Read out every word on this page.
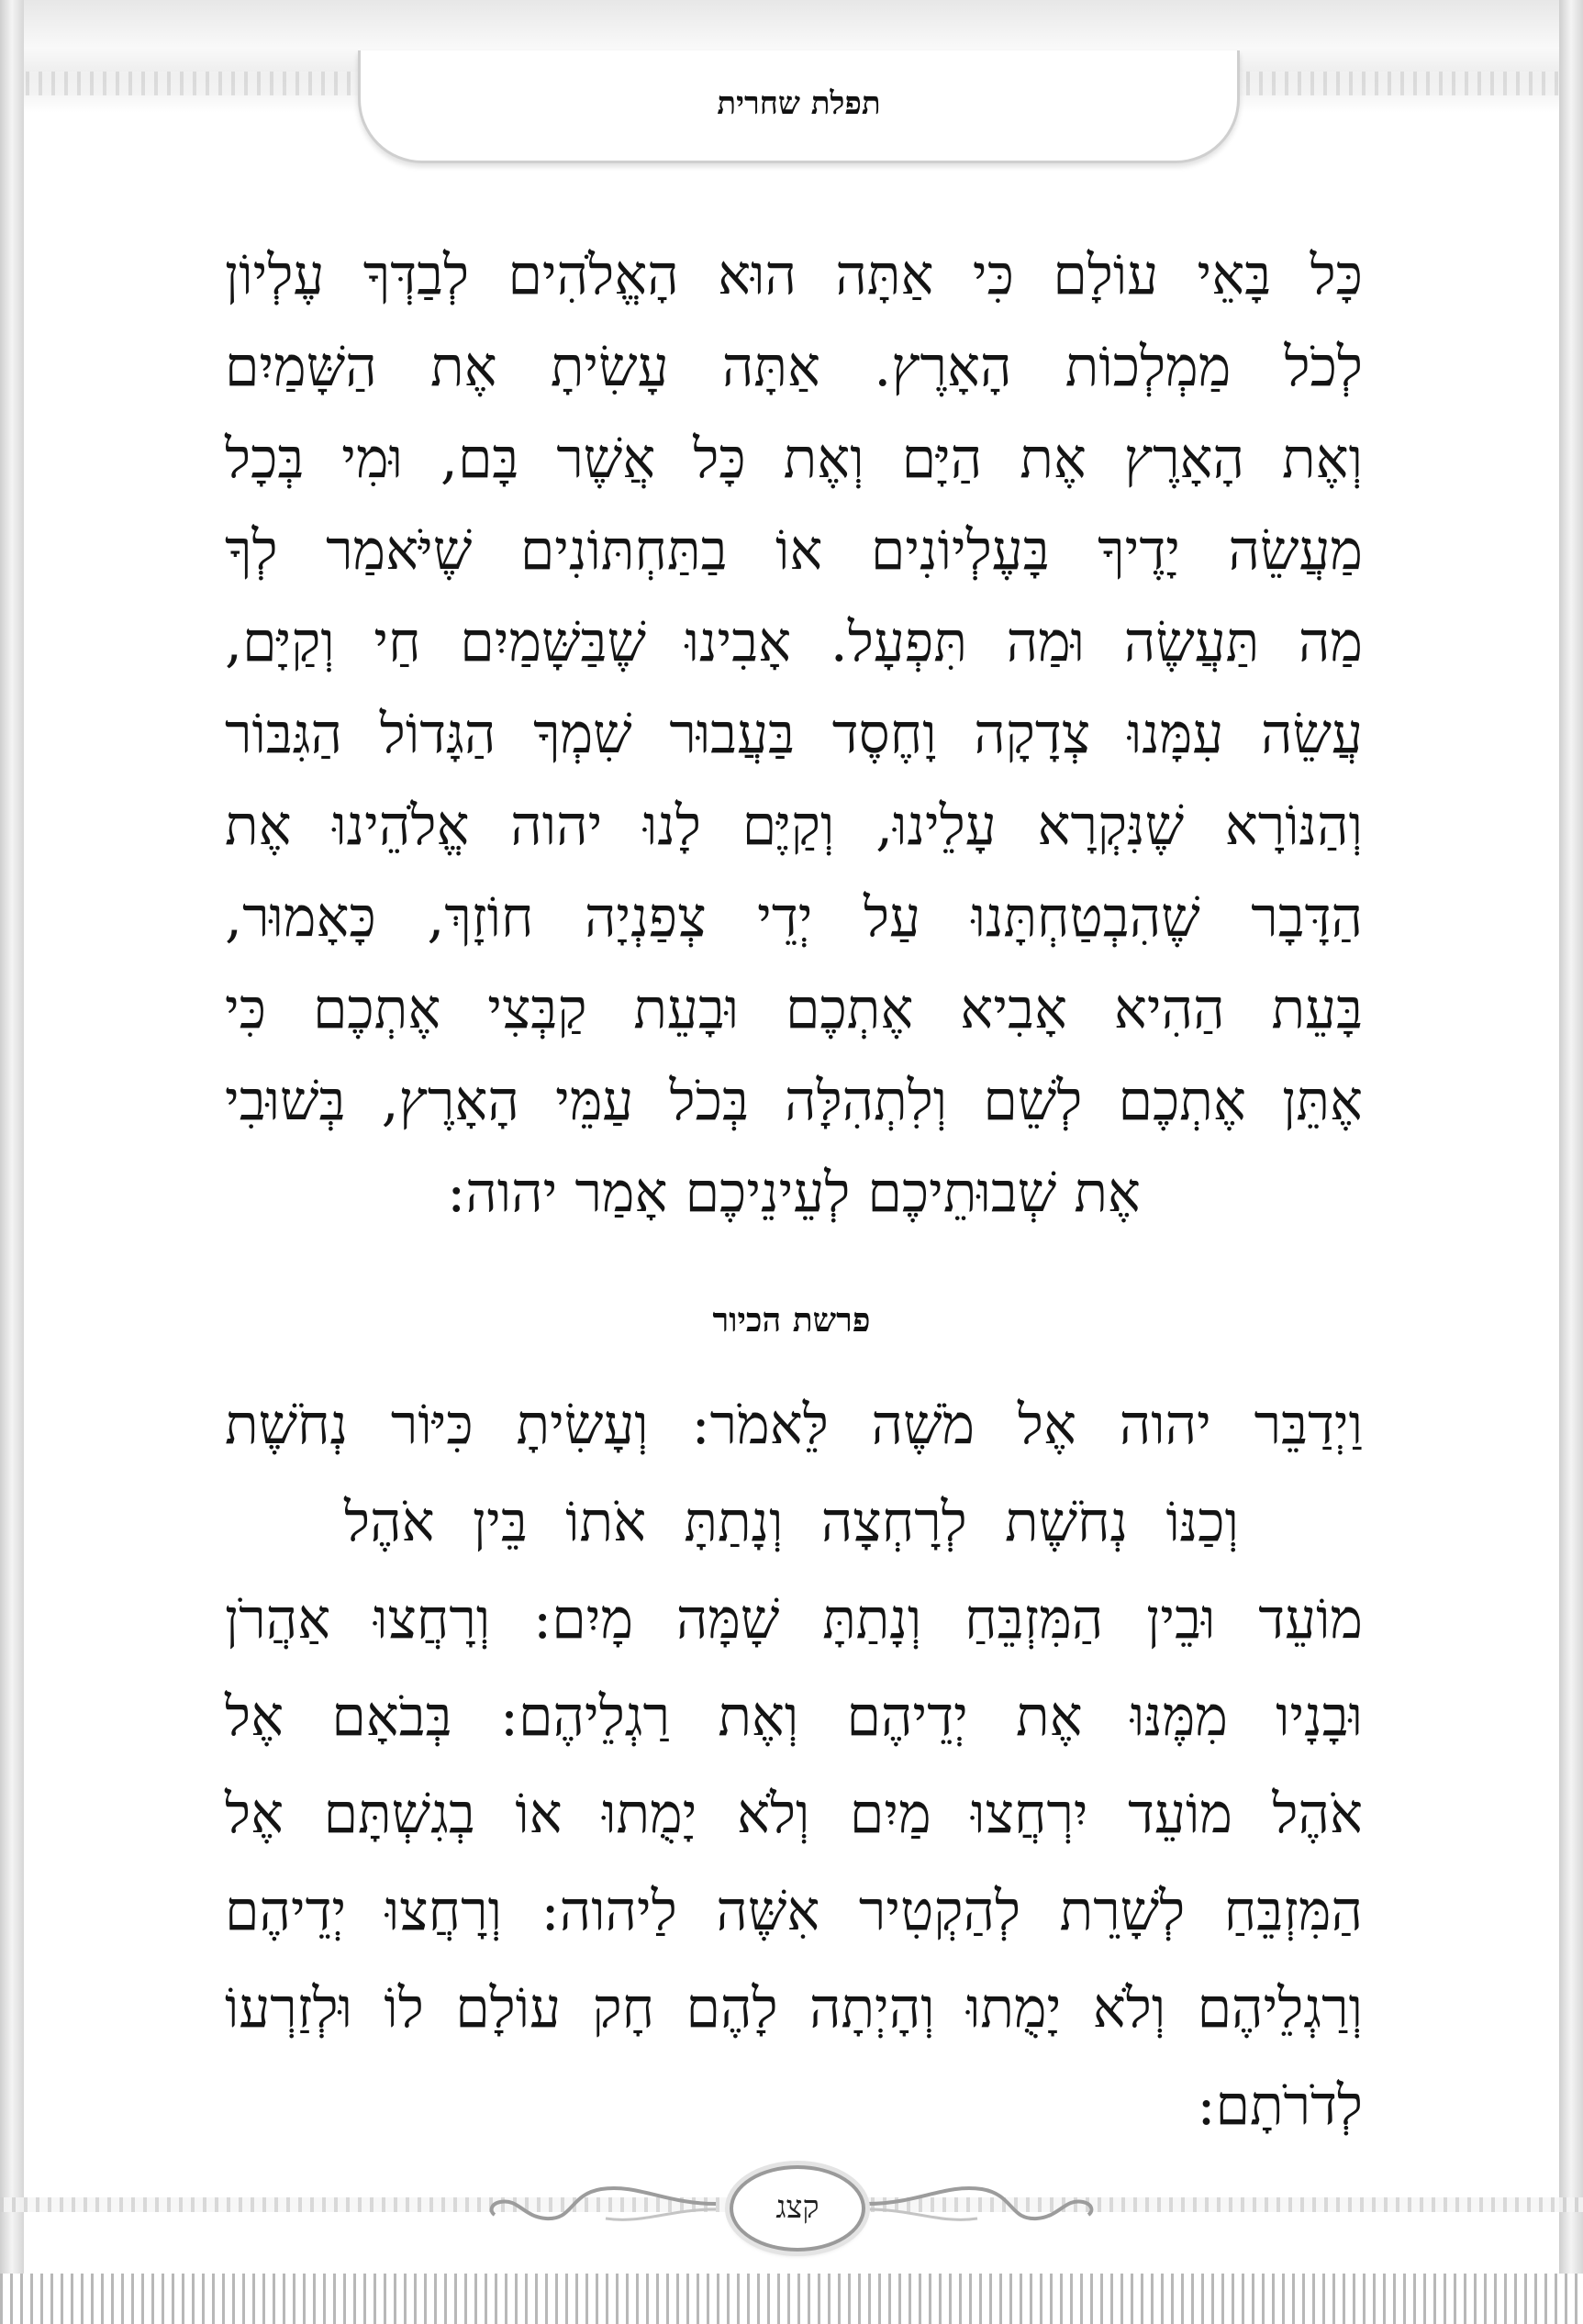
תפלת שחרית
כָּל בָּאֵי עוֹלָם כִּי אַתָּה הוּא הָאֱלֹהִים לְבַדְּךָ עֶלְיוֹן
לְכֹל מַמְלְכוֹת הָאָרֶץ. אַתָּה עָשִׂיתָ אֶת הַשָּׁמַיִם
וְאֶת הָאָרֶץ אֶת הַיָּם וְאֶת כָּל אֲשֶׁר בָּם, וּמִי בְּכָל
מַעֲשֵׂה יָדֶיךָ בָּעֶלְיוֹנִים אוֹ בַתַּחְתּוֹנִים שֶׁיֹּאמַר לְךָ
מַה תַּעֲשֶׂה וּמַה תִּפְעָל. אָבִינוּ שֶׁבַּשָּׁמַיִם חַי וְקַיָּם,
עֲשֵׂה עִמָּנוּ צְדָקָה וָחֶסֶד בַּעֲבוּר שִׁמְךָ הַגָּדוֹל הַגִּבּוֹר
וְהַנּוֹרָא שֶׁנִּקְרָא עָלֵינוּ, וְקַיֶּם לָנוּ יהוה אֱלֹהֵינוּ אֶת
הַדָּבָר שֶׁהִבְטַחְתָּנוּ עַל יְדֵי צְפַנְיָה חוֹזָךְ, כָּאָמוּר,
בָּעֵת הַהִיא אָבִיא אֶתְכֶם וּבָעֵת קַבְּצִי אֶתְכֶם כִּי
אֶתֵּן אֶתְכֶם לְשֵׁם וְלִתְהִלָּה בְּכֹל עַמֵּי הָאָרֶץ, בְּשׁוּבִי
אֶת שְׁבוּתֵיכֶם לְעֵינֵיכֶם אָמַר יהוה:
פרשת הכיור
וַיְדַבֵּר יהוה אֶל מֹשֶׁה לֵּאמֹר: וְעָשִׂיתָ כִּיּוֹר נְחֹשֶׁת
וְכַנּוֹ נְחֹשֶׁת לְרָחְצָה וְנָתַתָּ אֹתוֹ בֵּין אֹהֶל
מוֹעֵד וּבֵין הַמִּזְבֵּחַ וְנָתַתָּ שָׁמָּה מָיִם: וְרָחֲצוּ אַהֲרֹן
וּבָנָיו מִמֶּנּוּ אֶת יְדֵיהֶם וְאֶת רַגְלֵיהֶם: בְּבֹאָם אֶל
אֹהֶל מוֹעֵד יִרְחֲצוּ מַיִם וְלֹא יָמֻתוּ אוֹ בְגִשְׁתָּם אֶל
הַמִּזְבֵּחַ לְשָׁרֵת לְהַקְטִיר אִשֶּׁה לַיהוה: וְרָחֲצוּ יְדֵיהֶם
וְרַגְלֵיהֶם וְלֹא יָמֻתוּ וְהָיְתָה לָהֶם חָק עוֹלָם לוֹ וּלְזַרְעוֹ
לְדֹרֹתָם:
קצג
